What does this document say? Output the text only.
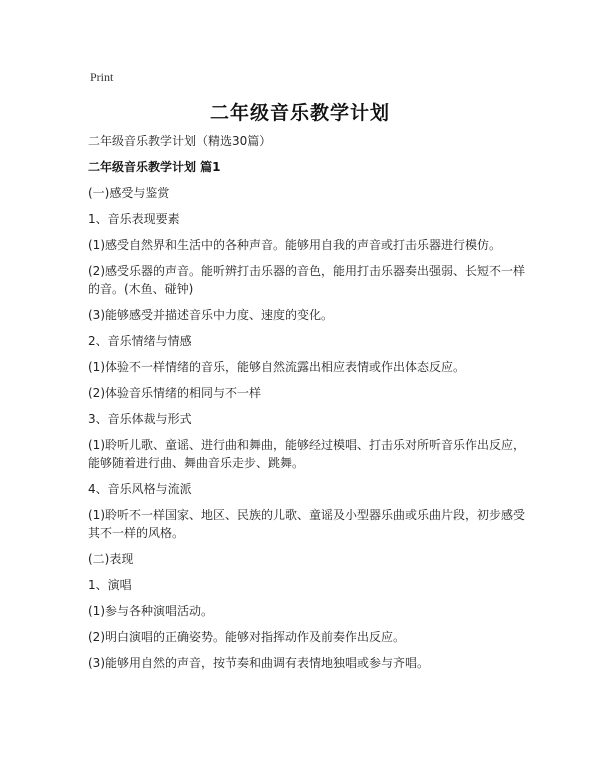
Print
二年级音乐教学计划

二年级音乐教学计划（精选30篇）

二年级音乐教学计划 篇1

(一)感受与鉴赏

1、音乐表现要素

(1)感受自然界和生活中的各种声音。能够用自我的声音或打击乐器进行模仿。

(2)感受乐器的声音。能听辨打击乐器的音色，能用打击乐器奏出强弱、长短不一样的音。(木鱼、碰钟)

(3)能够感受并描述音乐中力度、速度的变化。

2、音乐情绪与情感

(1)体验不一样情绪的音乐，能够自然流露出相应表情或作出体态反应。

(2)体验音乐情绪的相同与不一样

3、音乐体裁与形式

(1)聆听儿歌、童谣、进行曲和舞曲，能够经过模唱、打击乐对所听音乐作出反应，能够随着进行曲、舞曲音乐走步、跳舞。

4、音乐风格与流派

(1)聆听不一样国家、地区、民族的儿歌、童谣及小型器乐曲或乐曲片段，初步感受其不一样的风格。

(二)表现

1、演唱

(1)参与各种演唱活动。

(2)明白演唱的正确姿势。能够对指挥动作及前奏作出反应。

(3)能够用自然的声音，按节奏和曲调有表情地独唱或参与齐唱。
